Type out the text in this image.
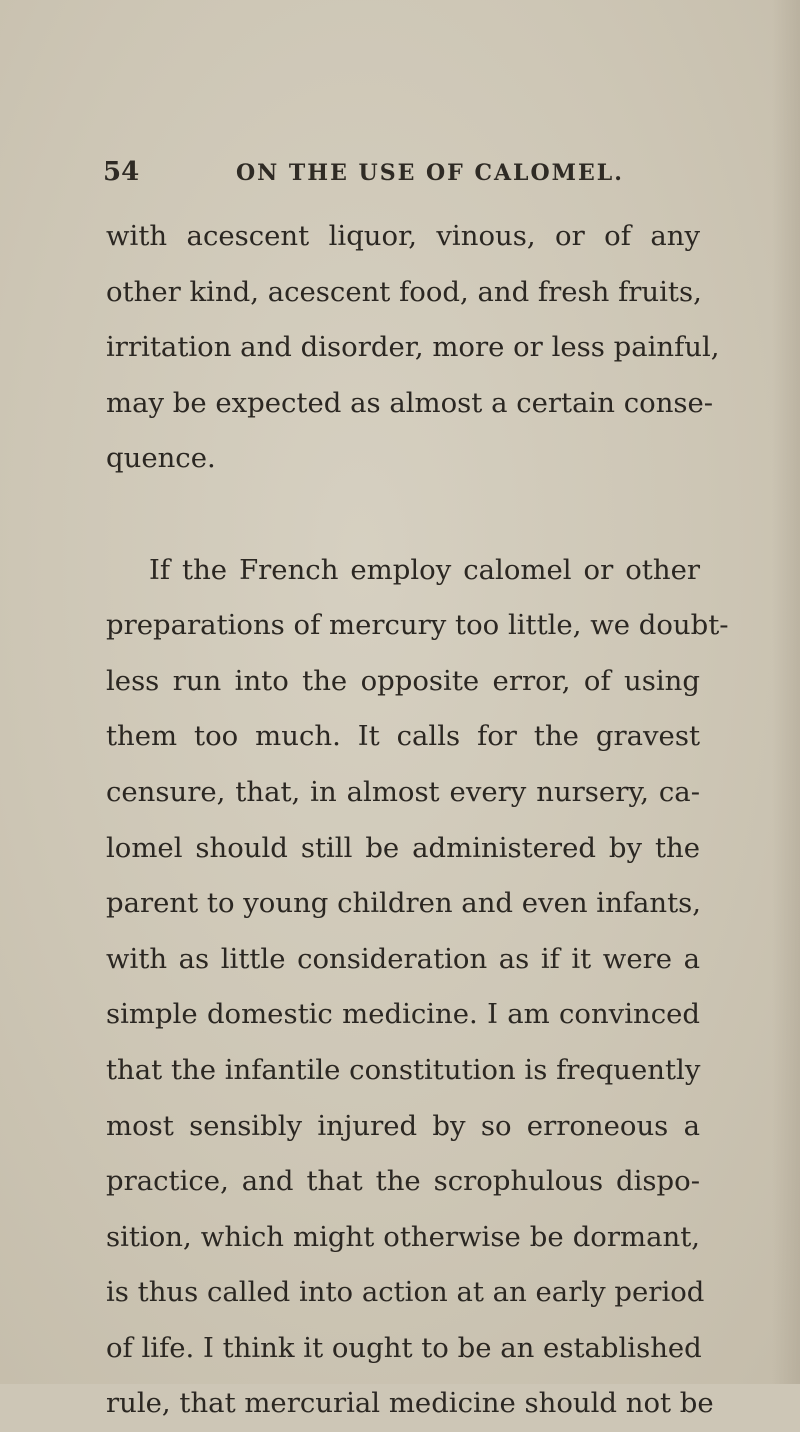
54	ON THE USE OF CALOMEL.
with acescent liquor, vinous, or of any
other kind, acescent food, and fresh fruits,
irritation and disorder, more or less painful,
may be expected as almost a certain conse-
quence.
If the French employ calomel or other
preparations of mercury too little, we doubt-
less run into the opposite error, of using
them too much. It calls for the gravest
censure, that, in almost every nursery, ca-
lomel should still be administered by the
parent to young children and even infants,
with as little consideration as if it were a
simple domestic medicine. I am convinced
that the infantile constitution is frequently
most sensibly injured by so erroneous a
practice, and that the scrophulous dispo-
sition, which might otherwise be dormant,
is thus called into action at an early period
of life. I think it ought to be an established
rule, that mercurial medicine should not be
